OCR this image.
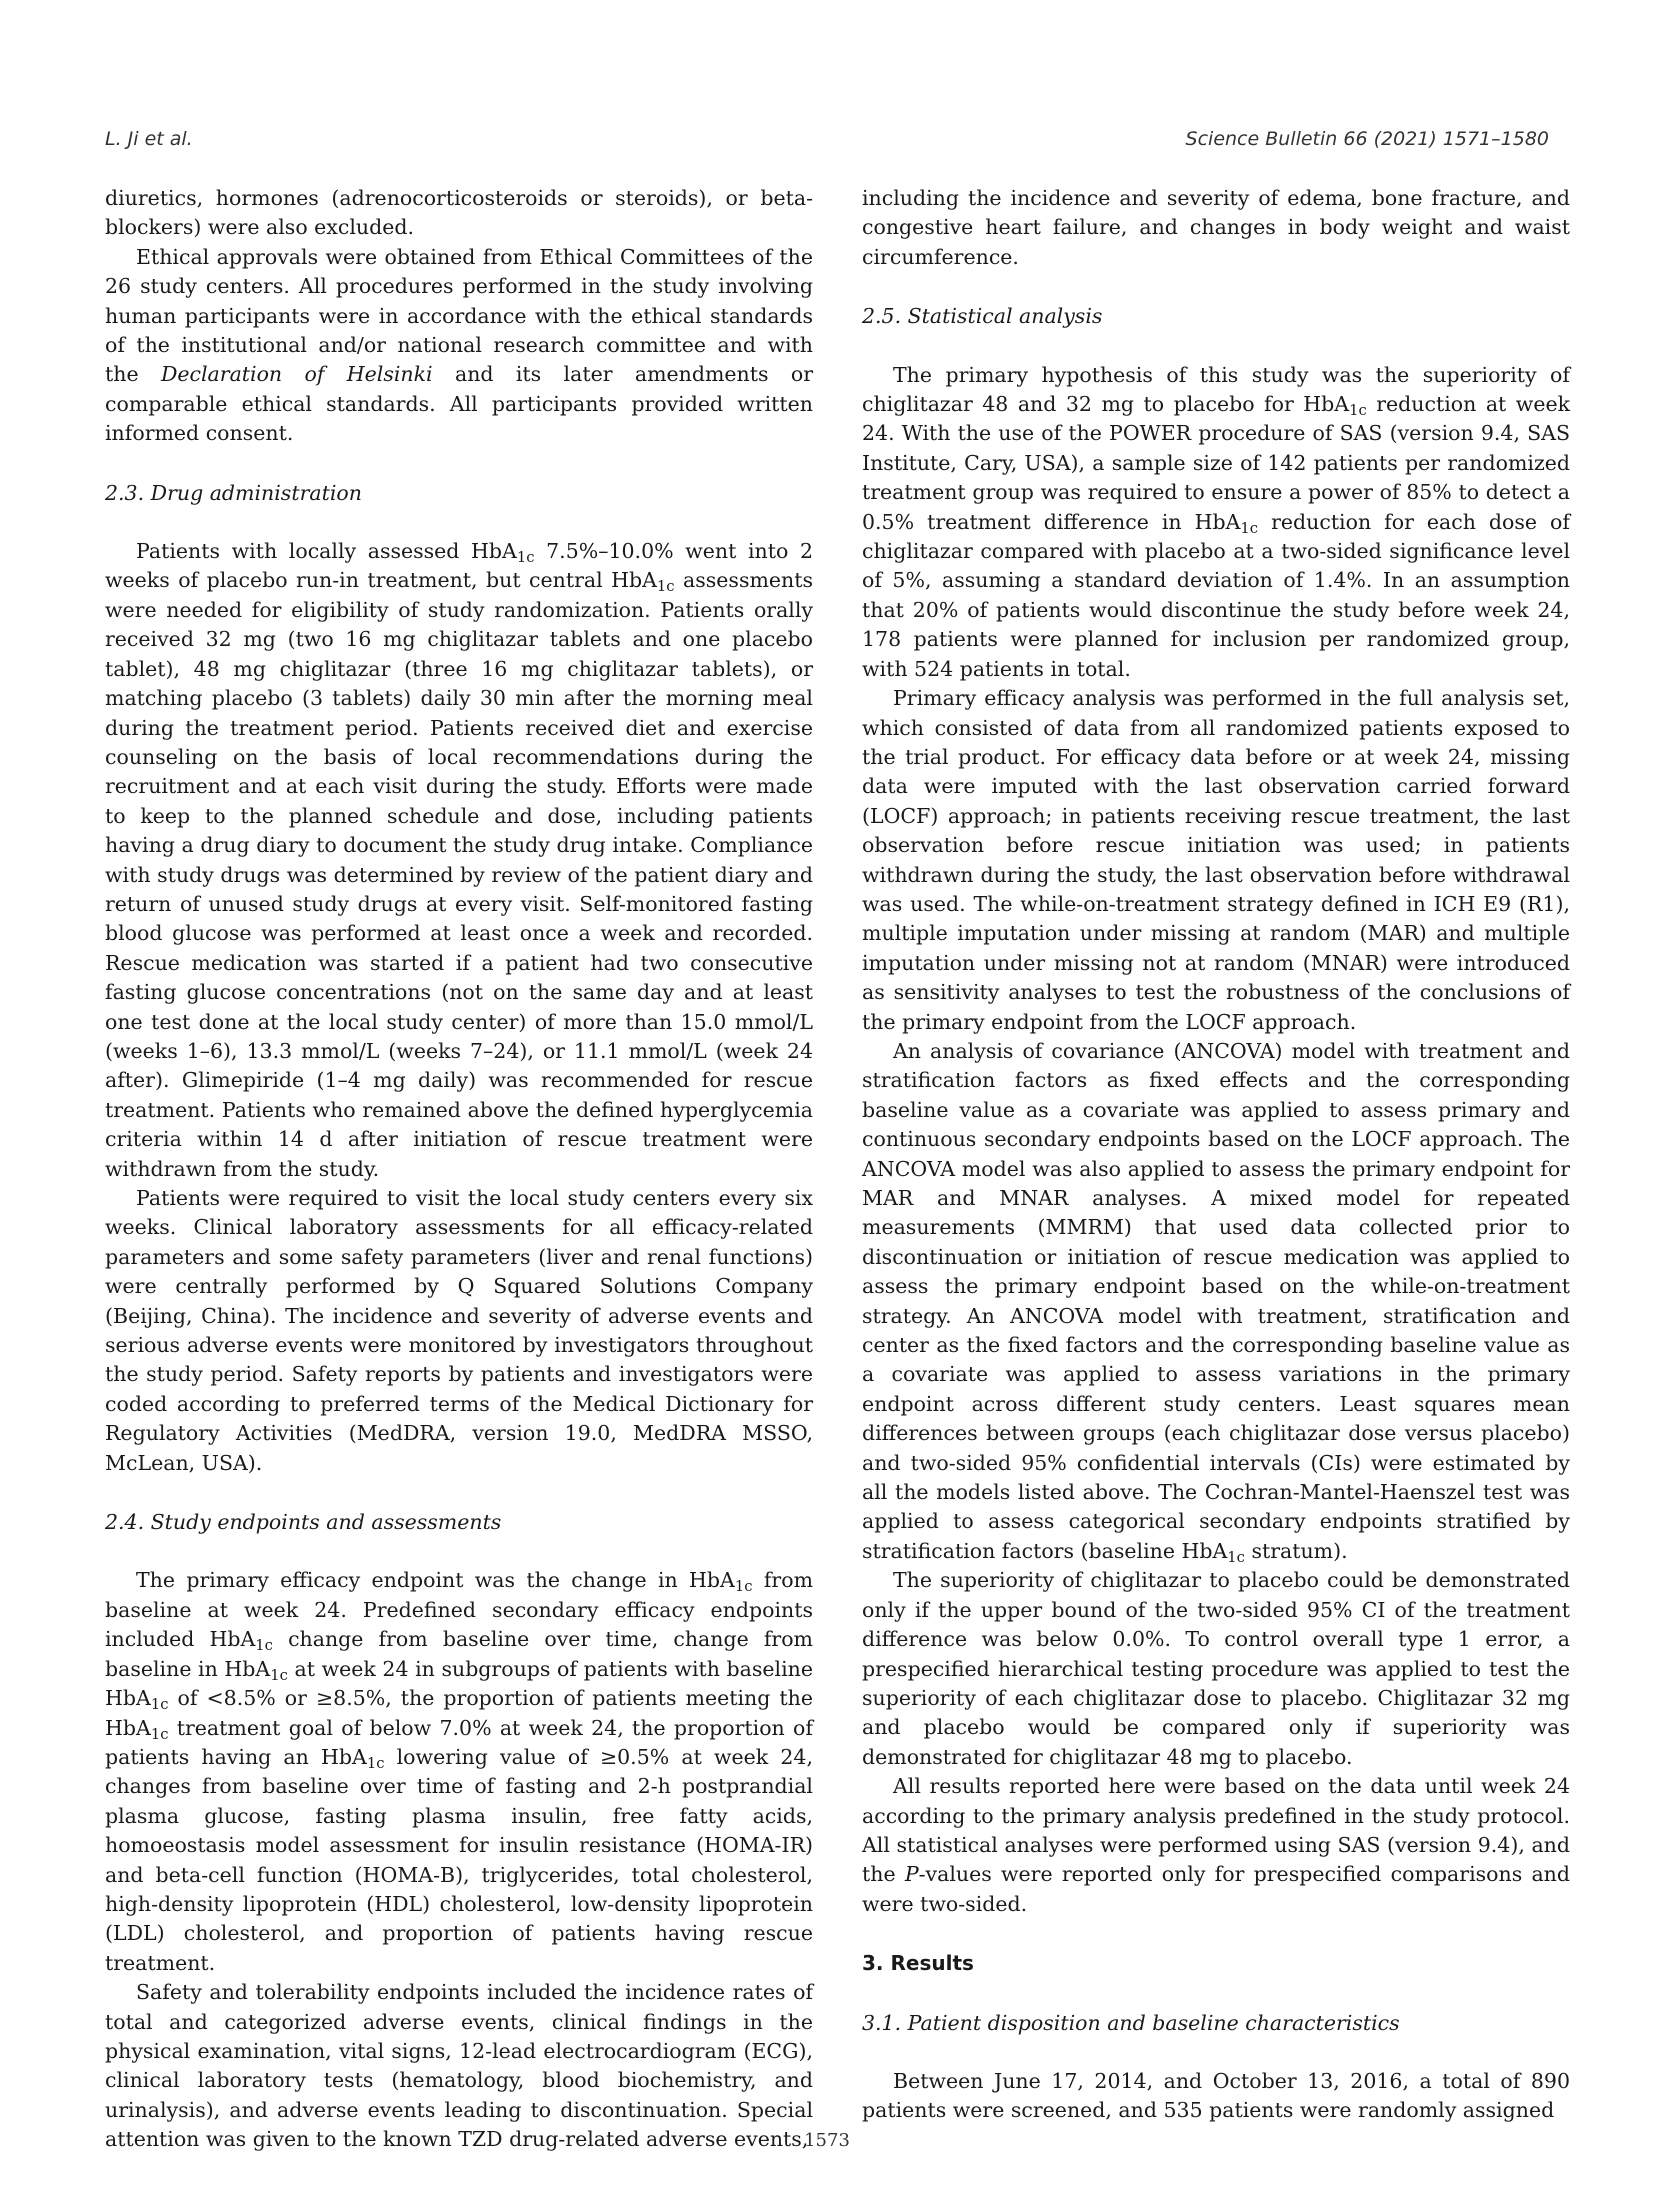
L. Ji et al.	Science Bulletin 66 (2021) 1571–1580

diuretics, hormones (adrenocorticosteroids or steroids), or beta-blockers) were also excluded.

Ethical approvals were obtained from Ethical Committees of the 26 study centers. All procedures performed in the study involving human participants were in accordance with the ethical standards of the institutional and/or national research committee and with the Declaration of Helsinki and its later amendments or comparable ethical standards. All participants provided written informed consent.

2.3. Drug administration

Patients with locally assessed HbA$_{1c}$ 7.5%–10.0% went into 2 weeks of placebo run-in treatment, but central HbA$_{1c}$ assessments were needed for eligibility of study randomization. Patients orally received 32 mg (two 16 mg chiglitazar tablets and one placebo tablet), 48 mg chiglitazar (three 16 mg chiglitazar tablets), or matching placebo (3 tablets) daily 30 min after the morning meal during the treatment period. Patients received diet and exercise counseling on the basis of local recommendations during the recruitment and at each visit during the study. Efforts were made to keep to the planned schedule and dose, including patients having a drug diary to document the study drug intake. Compliance with study drugs was determined by review of the patient diary and return of unused study drugs at every visit. Self-monitored fasting blood glucose was performed at least once a week and recorded. Rescue medication was started if a patient had two consecutive fasting glucose concentrations (not on the same day and at least one test done at the local study center) of more than 15.0 mmol/L (weeks 1–6), 13.3 mmol/L (weeks 7–24), or 11.1 mmol/L (week 24 after). Glimepiride (1–4 mg daily) was recommended for rescue treatment. Patients who remained above the defined hyperglycemia criteria within 14 d after initiation of rescue treatment were withdrawn from the study.

Patients were required to visit the local study centers every six weeks. Clinical laboratory assessments for all efficacy-related parameters and some safety parameters (liver and renal functions) were centrally performed by Q Squared Solutions Company (Beijing, China). The incidence and severity of adverse events and serious adverse events were monitored by investigators throughout the study period. Safety reports by patients and investigators were coded according to preferred terms of the Medical Dictionary for Regulatory Activities (MedDRA, version 19.0, MedDRA MSSO, McLean, USA).

2.4. Study endpoints and assessments

The primary efficacy endpoint was the change in HbA$_{1c}$ from baseline at week 24. Predefined secondary efficacy endpoints included HbA$_{1c}$ change from baseline over time, change from baseline in HbA$_{1c}$ at week 24 in subgroups of patients with baseline HbA$_{1c}$ of <8.5% or ≥8.5%, the proportion of patients meeting the HbA$_{1c}$ treatment goal of below 7.0% at week 24, the proportion of patients having an HbA$_{1c}$ lowering value of ≥0.5% at week 24, changes from baseline over time of fasting and 2-h postprandial plasma glucose, fasting plasma insulin, free fatty acids, homoeostasis model assessment for insulin resistance (HOMA-IR) and beta-cell function (HOMA-B), triglycerides, total cholesterol, high-density lipoprotein (HDL) cholesterol, low-density lipoprotein (LDL) cholesterol, and proportion of patients having rescue treatment.

Safety and tolerability endpoints included the incidence rates of total and categorized adverse events, clinical findings in the physical examination, vital signs, 12-lead electrocardiogram (ECG), clinical laboratory tests (hematology, blood biochemistry, and urinalysis), and adverse events leading to discontinuation. Special attention was given to the known TZD drug-related adverse events,

including the incidence and severity of edema, bone fracture, and congestive heart failure, and changes in body weight and waist circumference.

2.5. Statistical analysis

The primary hypothesis of this study was the superiority of chiglitazar 48 and 32 mg to placebo for HbA$_{1c}$ reduction at week 24. With the use of the POWER procedure of SAS (version 9.4, SAS Institute, Cary, USA), a sample size of 142 patients per randomized treatment group was required to ensure a power of 85% to detect a 0.5% treatment difference in HbA$_{1c}$ reduction for each dose of chiglitazar compared with placebo at a two-sided significance level of 5%, assuming a standard deviation of 1.4%. In an assumption that 20% of patients would discontinue the study before week 24, 178 patients were planned for inclusion per randomized group, with 524 patients in total.

Primary efficacy analysis was performed in the full analysis set, which consisted of data from all randomized patients exposed to the trial product. For efficacy data before or at week 24, missing data were imputed with the last observation carried forward (LOCF) approach; in patients receiving rescue treatment, the last observation before rescue initiation was used; in patients withdrawn during the study, the last observation before withdrawal was used. The while-on-treatment strategy defined in ICH E9 (R1), multiple imputation under missing at random (MAR) and multiple imputation under missing not at random (MNAR) were introduced as sensitivity analyses to test the robustness of the conclusions of the primary endpoint from the LOCF approach.

An analysis of covariance (ANCOVA) model with treatment and stratification factors as fixed effects and the corresponding baseline value as a covariate was applied to assess primary and continuous secondary endpoints based on the LOCF approach. The ANCOVA model was also applied to assess the primary endpoint for MAR and MNAR analyses. A mixed model for repeated measurements (MMRM) that used data collected prior to discontinuation or initiation of rescue medication was applied to assess the primary endpoint based on the while-on-treatment strategy. An ANCOVA model with treatment, stratification and center as the fixed factors and the corresponding baseline value as a covariate was applied to assess variations in the primary endpoint across different study centers. Least squares mean differences between groups (each chiglitazar dose versus placebo) and two-sided 95% confidential intervals (CIs) were estimated by all the models listed above. The Cochran-Mantel-Haenszel test was applied to assess categorical secondary endpoints stratified by stratification factors (baseline HbA$_{1c}$ stratum).

The superiority of chiglitazar to placebo could be demonstrated only if the upper bound of the two-sided 95% CI of the treatment difference was below 0.0%. To control overall type 1 error, a prespecified hierarchical testing procedure was applied to test the superiority of each chiglitazar dose to placebo. Chiglitazar 32 mg and placebo would be compared only if superiority was demonstrated for chiglitazar 48 mg to placebo.

All results reported here were based on the data until week 24 according to the primary analysis predefined in the study protocol. All statistical analyses were performed using SAS (version 9.4), and the P-values were reported only for prespecified comparisons and were two-sided.

3. Results
3.1. Patient disposition and baseline characteristics

Between June 17, 2014, and October 13, 2016, a total of 890 patients were screened, and 535 patients were randomly assigned

1573
